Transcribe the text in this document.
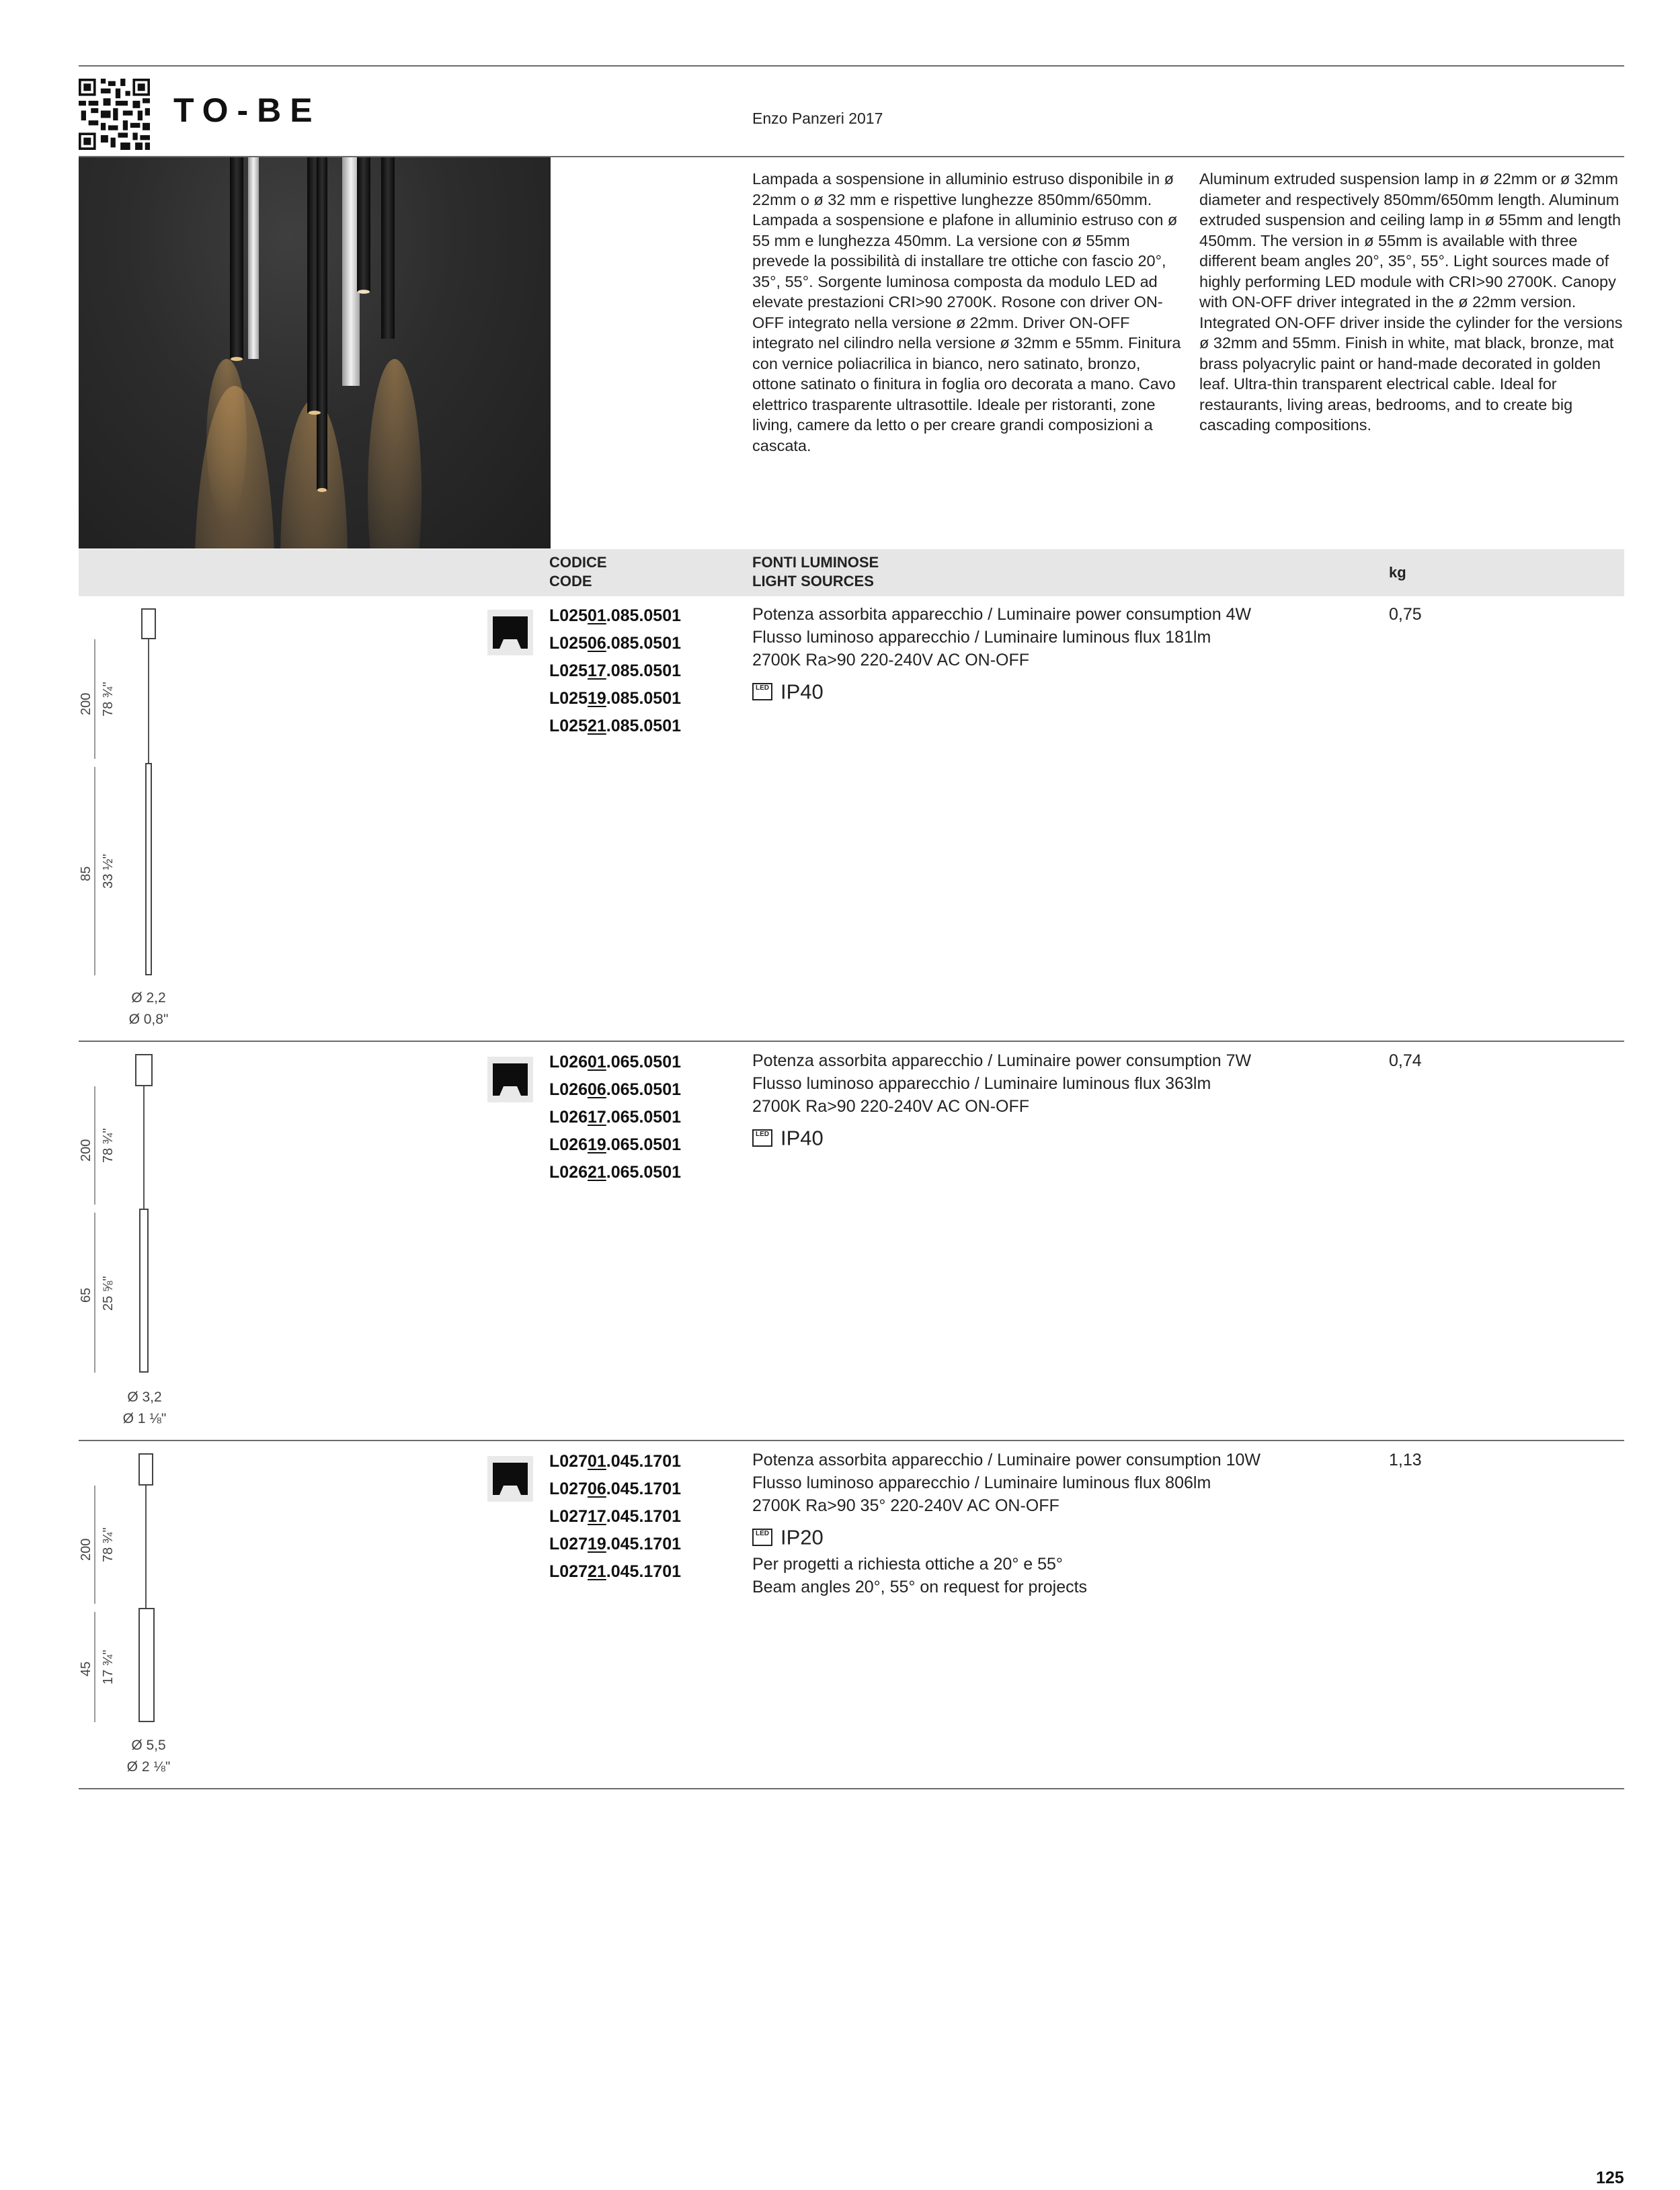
TO-BE	Enzo Panzeri 2017
Lampada a sospensione in alluminio estruso disponibile in ø 22mm o ø 32 mm e rispettive lunghezze 850mm/650mm. Lampada a sospensione e plafone in alluminio estruso con ø 55 mm e lunghezza 450mm. La versione con ø 55mm prevede la possibilità di installare tre ottiche con fascio 20°, 35°, 55°. Sorgente luminosa composta da modulo LED ad elevate prestazioni CRI>90 2700K. Rosone con driver ON-OFF integrato nella versione ø 22mm. Driver ON-OFF integrato nel cilindro nella versione ø 32mm e 55mm. Finitura con vernice poliacrilica in bianco, nero satinato, bronzo, ottone satinato o finitura in foglia oro decorata a mano. Cavo elettrico trasparente ultrasottile. Ideale per ristoranti, zone living, camere da letto o per creare grandi composizioni a cascata.
Aluminum extruded suspension lamp in ø 22mm or ø 32mm diameter and respectively 850mm/650mm length. Aluminum extruded suspension and ceiling lamp in ø 55mm and length 450mm. The version in ø 55mm is available with three different beam angles 20°, 35°, 55°. Light sources made of highly performing LED module with CRI>90 2700K. Canopy with ON-OFF driver integrated in the ø 22mm version. Integrated ON-OFF driver inside the cylinder for the versions ø 32mm and 55mm. Finish in white, mat black, bronze, mat brass polyacrylic paint or hand-made decorated in golden leaf. Ultra-thin transparent electrical cable. Ideal for restaurants, living areas, bedrooms, and to create big cascading compositions.
CODICE
CODE
FONTI LUMINOSE
LIGHT SOURCES
kg
200 78 ¾"
85 33 ½"
Ø 2,2
Ø 0,8"
L02501.085.0501
L02506.085.0501
L02517.085.0501
L02519.085.0501
L02521.085.0501
Potenza assorbita apparecchio / Luminaire power consumption 4W
Flusso luminoso apparecchio / Luminaire luminous flux 181lm
2700K Ra>90 220-240V AC ON-OFF
LED IP40
0,75
200 78 ¾"
65 25 ⅝"
Ø 3,2
Ø 1 ⅛"
L02601.065.0501
L02606.065.0501
L02617.065.0501
L02619.065.0501
L02621.065.0501
Potenza assorbita apparecchio / Luminaire power consumption 7W
Flusso luminoso apparecchio / Luminaire luminous flux 363lm
2700K Ra>90 220-240V AC ON-OFF
LED IP40
0,74
200 78 ¾"
45 17 ¾"
Ø 5,5
Ø 2 ⅛"
L02701.045.1701
L02706.045.1701
L02717.045.1701
L02719.045.1701
L02721.045.1701
Potenza assorbita apparecchio / Luminaire power consumption 10W
Flusso luminoso apparecchio / Luminaire luminous flux 806lm
2700K Ra>90 35° 220-240V AC ON-OFF
LED IP20
Per progetti a richiesta ottiche a 20° e 55°
Beam angles 20°, 55° on request for projects
1,13
125
